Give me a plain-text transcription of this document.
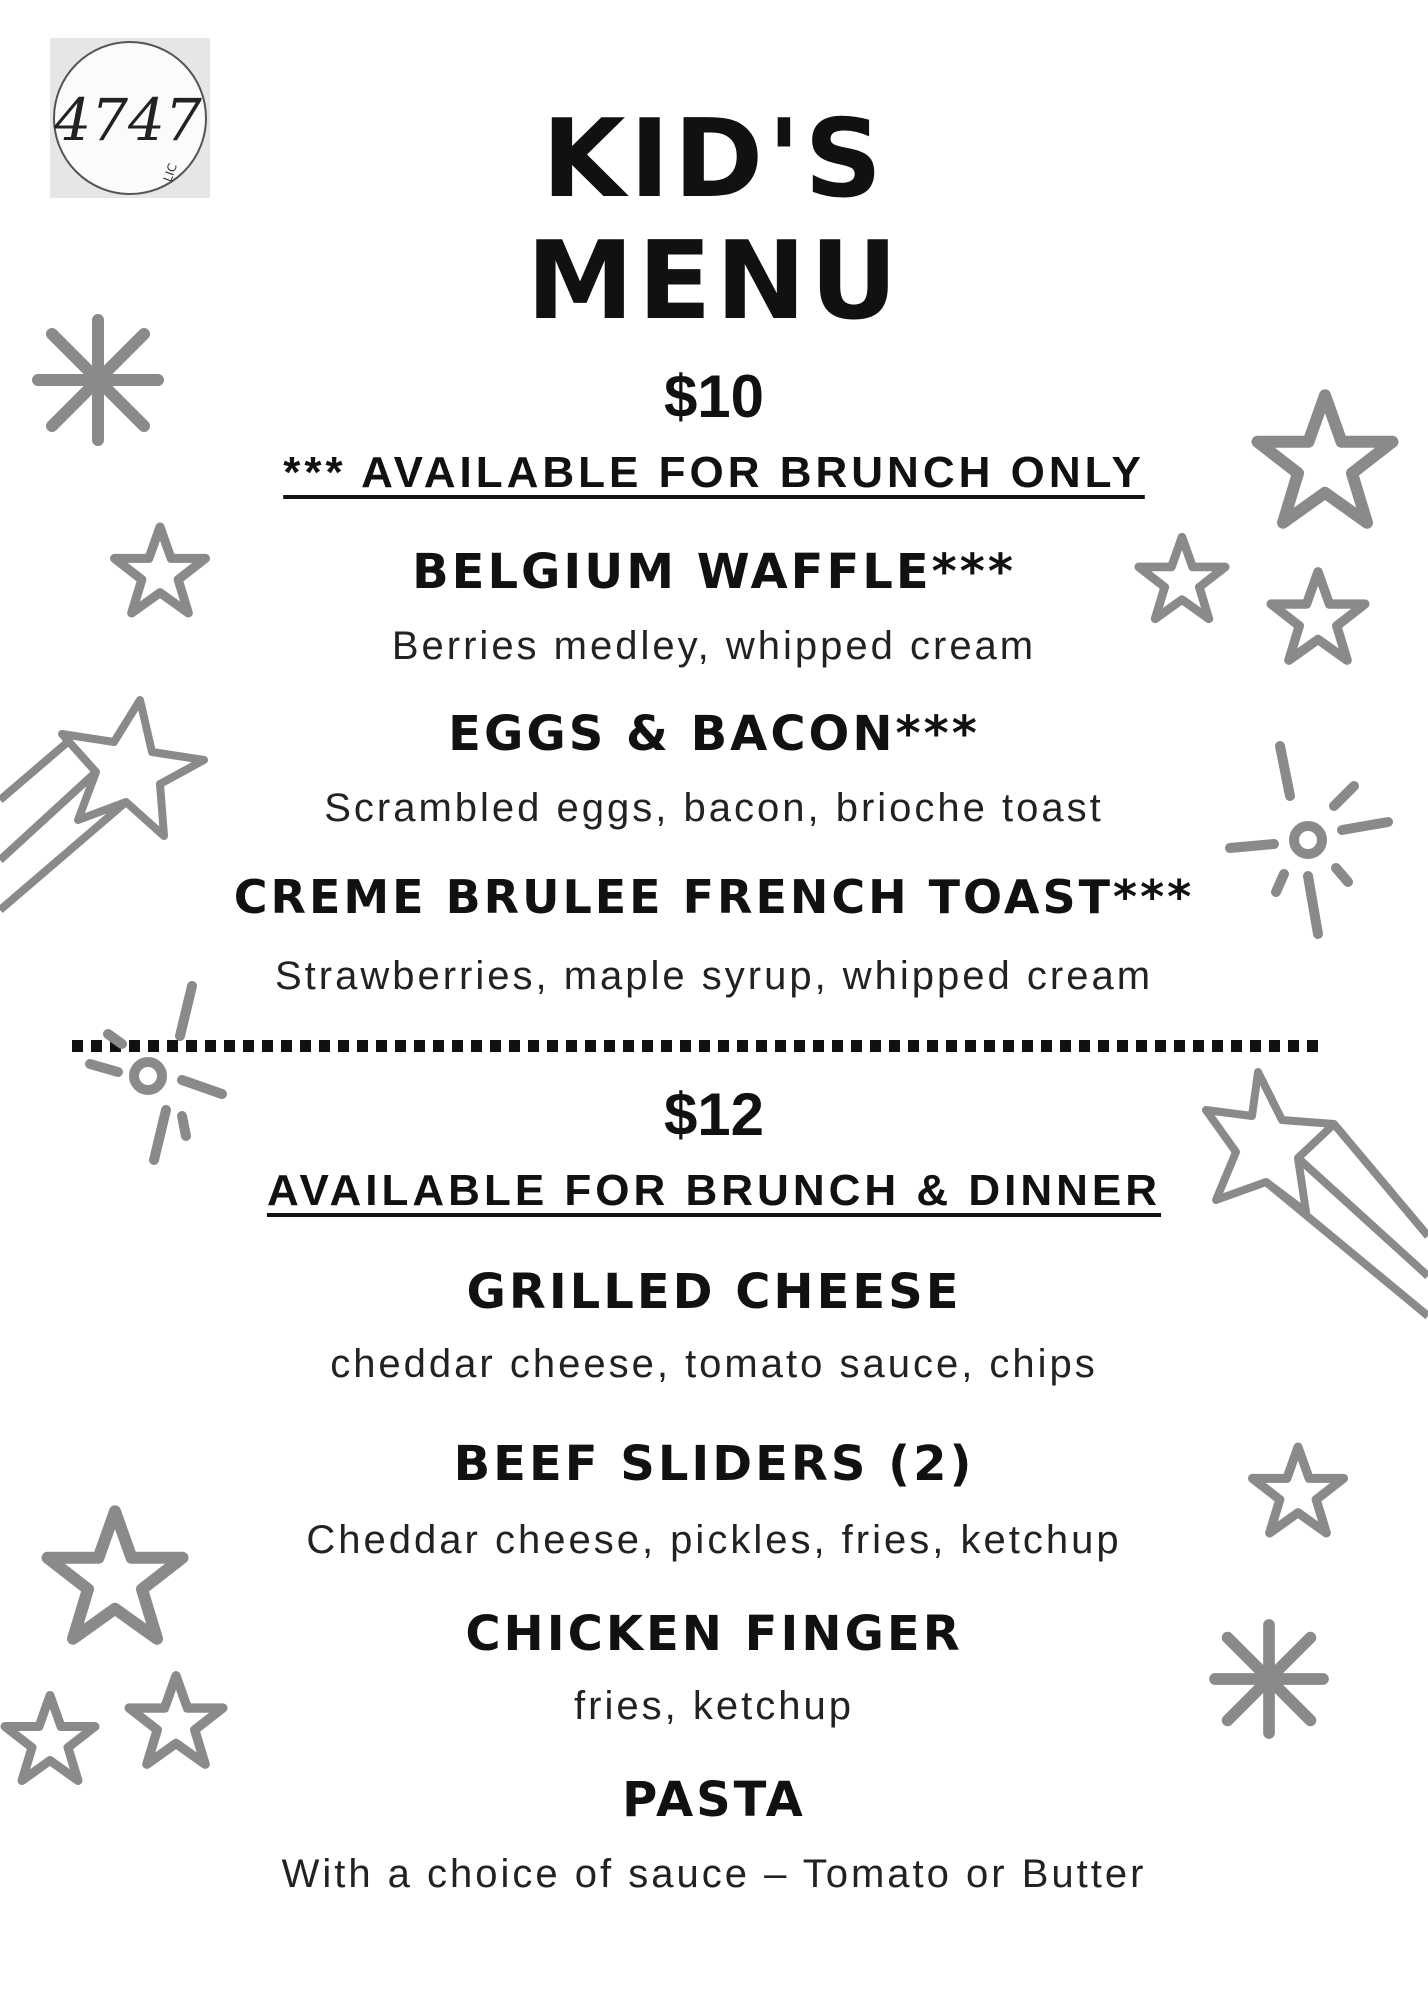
4747
LIC	KID'S
MENU
$10
*** AVAILABLE FOR BRUNCH ONLY
BELGIUM WAFFLE***
Berries medley, whipped cream
EGGS & BACON***
Scrambled eggs, bacon, brioche toast
CREME BRULEE FRENCH TOAST***
Strawberries, maple syrup, whipped cream
$12
AVAILABLE FOR BRUNCH & DINNER
GRILLED CHEESE
cheddar cheese, tomato sauce, chips
BEEF SLIDERS (2)
Cheddar cheese, pickles, fries, ketchup
CHICKEN FINGER
fries, ketchup
PASTA
With a choice of sauce – Tomato or Butter
